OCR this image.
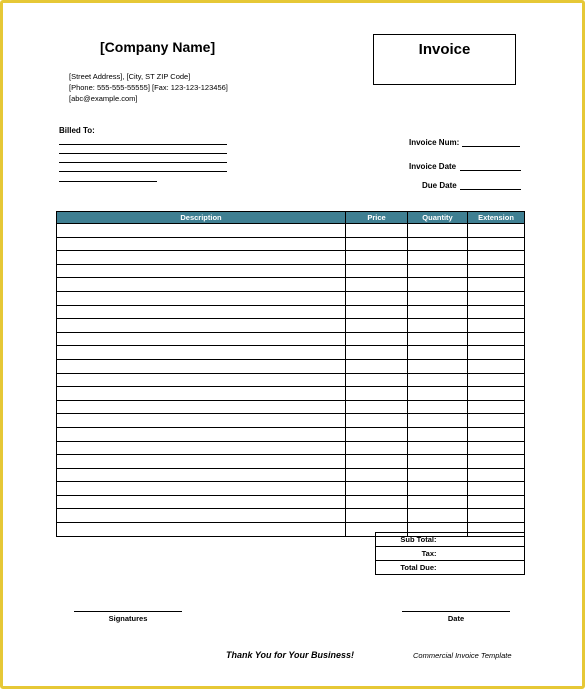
[Company Name]
[Street Address], [City, ST ZIP Code]
[Phone: 555-555-55555] [Fax: 123-123-123456]
[abc@example.com]
Invoice
Billed To:
Invoice Num:
Invoice Date
Due Date
Description	Price	Quantity	Extension

Sub Total:	
Tax:	
Total Due:	
Signatures	Date
Thank You for Your Business!	Commercial Invoice Template
